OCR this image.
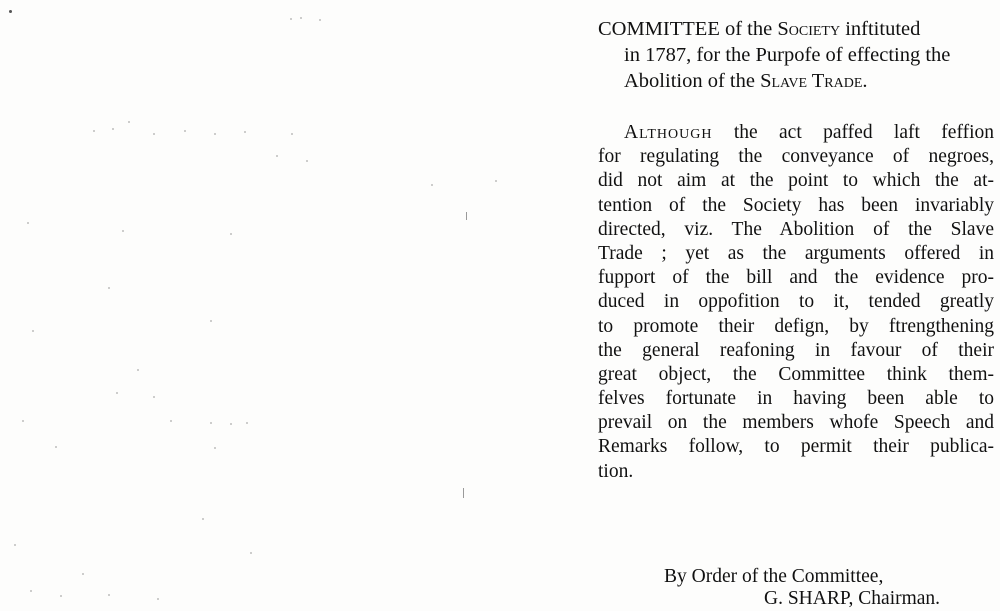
COMMITTEE of the Society inftituted
in 1787, for the Purpofe of effecting the
Abolition of the Slave Trade.
Although the act paffed laft feffion
for regulating the conveyance of negroes,
did not aim at the point to which the at-
tention of the Society has been invariably
directed, viz. The Abolition of the Slave
Trade ; yet as the arguments offered in
fupport of the bill and the evidence pro-
duced in oppofition to it, tended greatly
to promote their defign, by ftrengthening
the general reafoning in favour of their
great object, the Committee think them-
felves fortunate in having been able to
prevail on the members whofe Speech and
Remarks follow, to permit their publica-
tion.
By Order of the Committee,
G. SHARP, Chairman.
